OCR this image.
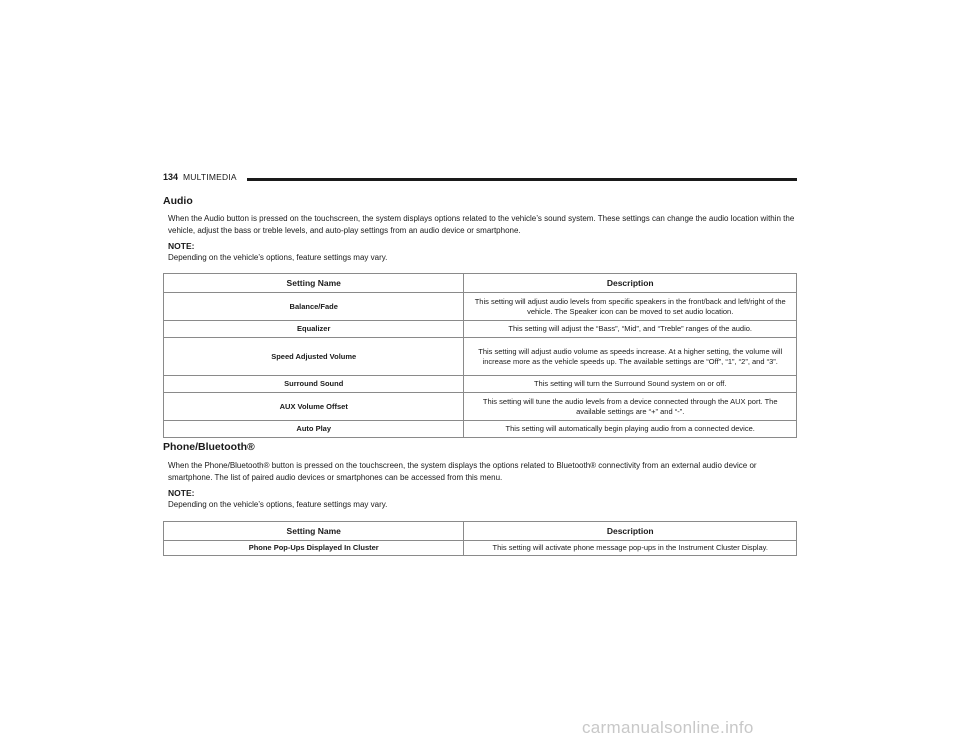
134 MULTIMEDIA
Audio
When the Audio button is pressed on the touchscreen, the system displays options related to the vehicle’s sound system. These settings can change the audio location within the vehicle, adjust the bass or treble levels, and auto-play settings from an audio device or smartphone.
NOTE:
Depending on the vehicle’s options, feature settings may vary.
Setting Name	Description
Balance/Fade	This setting will adjust audio levels from specific speakers in the front/back and left/right of the vehicle. The Speaker icon can be moved to set audio location.
Equalizer	This setting will adjust the “Bass”, “Mid”, and “Treble” ranges of the audio.
Speed Adjusted Volume	This setting will adjust audio volume as speeds increase. At a higher setting, the volume will increase more as the vehicle speeds up. The available settings are “Off”, “1”, “2”, and “3”.
Surround Sound	This setting will turn the Surround Sound system on or off.
AUX Volume Offset	This setting will tune the audio levels from a device connected through the AUX port. The available settings are “+” and “-”.
Auto Play	This setting will automatically begin playing audio from a connected device.
Phone/Bluetooth®
When the Phone/Bluetooth® button is pressed on the touchscreen, the system displays the options related to Bluetooth® connectivity from an external audio device or smartphone. The list of paired audio devices or smartphones can be accessed from this menu.
NOTE:
Depending on the vehicle’s options, feature settings may vary.
Setting Name	Description
Phone Pop-Ups Displayed In Cluster	This setting will activate phone message pop-ups in the Instrument Cluster Display.
carmanualsonline.info
